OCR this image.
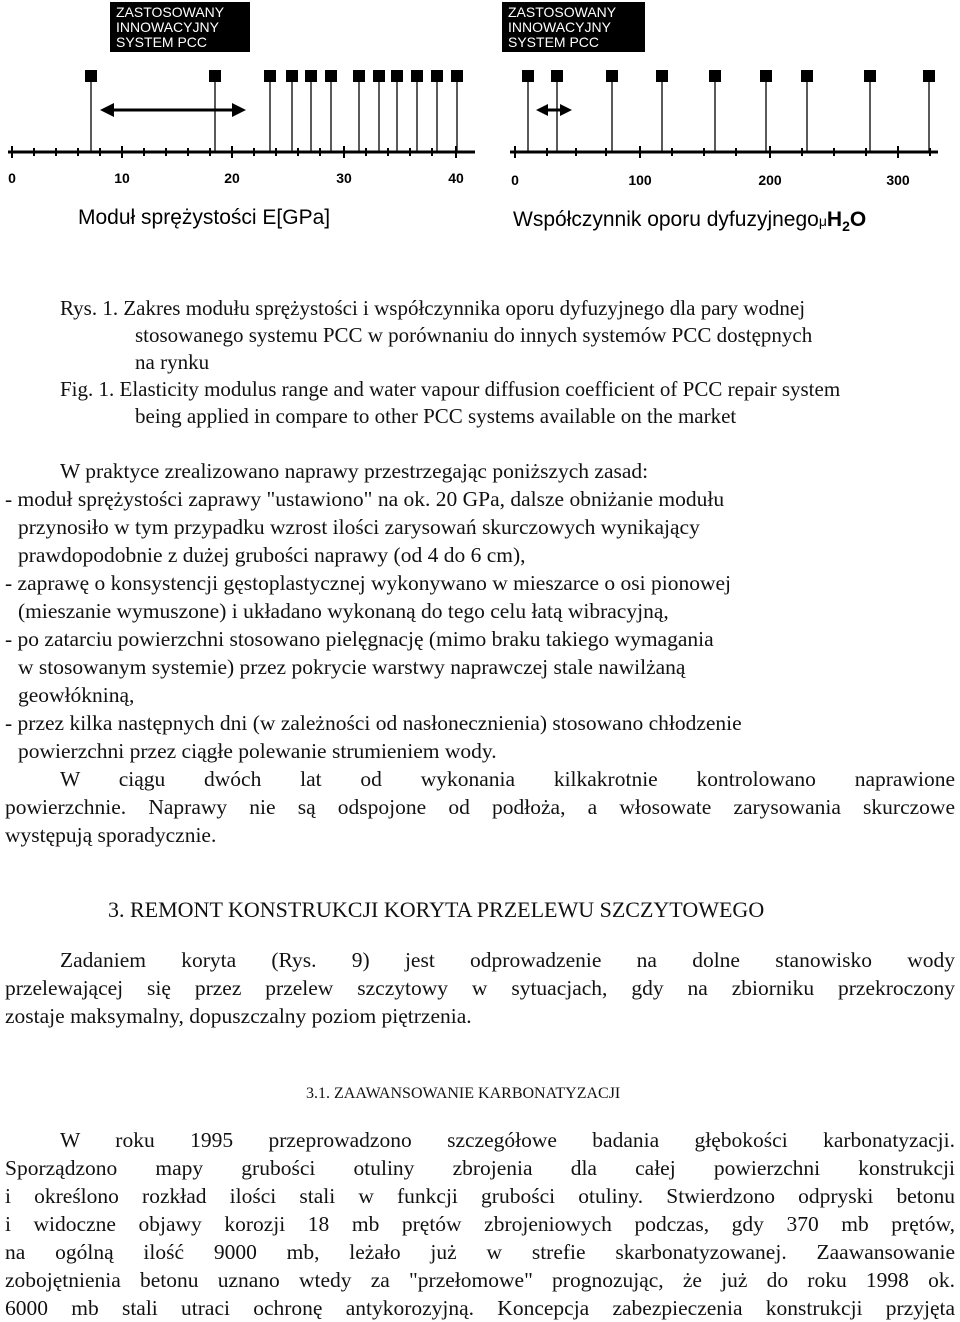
ZASTOSOWANY
INNOWACYJNY
SYSTEM PCC
ZASTOSOWANY
INNOWACYJNY
SYSTEM PCC
0	10	20	30	40	0	100	200	300
Moduł sprężystości E[GPa]	Współczynnik oporu dyfuzyjnegoμH$_2$O
Rys. 1. Zakres modułu sprężystości i współczynnika oporu dyfuzyjnego dla pary wodnej
stosowanego systemu PCC w porównaniu do innych systemów PCC dostępnych
na rynku
Fig. 1. Elasticity modulus range and water vapour diffusion coefficient of PCC repair system
being applied in compare to other PCC systems available on the market
W praktyce zrealizowano naprawy przestrzegając poniższych zasad:
- moduł sprężystości zaprawy "ustawiono" na ok. 20 GPa, dalsze obniżanie modułu
przynosiło w tym przypadku wzrost ilości zarysowań skurczowych wynikający
prawdopodobnie z dużej grubości naprawy (od 4 do 6 cm),
- zaprawę o konsystencji gęstoplastycznej wykonywano w mieszarce o osi pionowej
(mieszanie wymuszone) i układano wykonaną do tego celu łatą wibracyjną,
- po zatarciu powierzchni stosowano pielęgnację (mimo braku takiego wymagania
w stosowanym systemie) przez pokrycie warstwy naprawczej stale nawilżaną
geowłókniną,
- przez kilka następnych dni (w zależności od nasłonecznienia) stosowano chłodzenie
powierzchni przez ciągłe polewanie strumieniem wody.
W ciągu dwóch lat od wykonania kilkakrotnie kontrolowano naprawione
powierzchnie. Naprawy nie są odspojone od podłoża, a włosowate zarysowania skurczowe
występują sporadycznie.
3. REMONT KONSTRUKCJI KORYTA PRZELEWU SZCZYTOWEGO
Zadaniem koryta (Rys. 9) jest odprowadzenie na dolne stanowisko wody
przelewającej się przez przelew szczytowy w sytuacjach, gdy na zbiorniku przekroczony
zostaje maksymalny, dopuszczalny poziom piętrzenia.
3.1. ZAAWANSOWANIE KARBONATYZACJI
W roku 1995 przeprowadzono szczegółowe badania głębokości karbonatyzacji.
Sporządzono mapy grubości otuliny zbrojenia dla całej powierzchni konstrukcji
i określono rozkład ilości stali w funkcji grubości otuliny. Stwierdzono odpryski betonu
i widoczne objawy korozji 18 mb prętów zbrojeniowych podczas, gdy 370 mb prętów,
na ogólną ilość 9000 mb, leżało już w strefie skarbonatyzowanej. Zaawansowanie
zobojętnienia betonu uznano wtedy za "przełomowe" prognozując, że już do roku 1998 ok.
6000 mb stali utraci ochronę antykorozyjną. Koncepcja zabezpieczenia konstrukcji przyjęta
